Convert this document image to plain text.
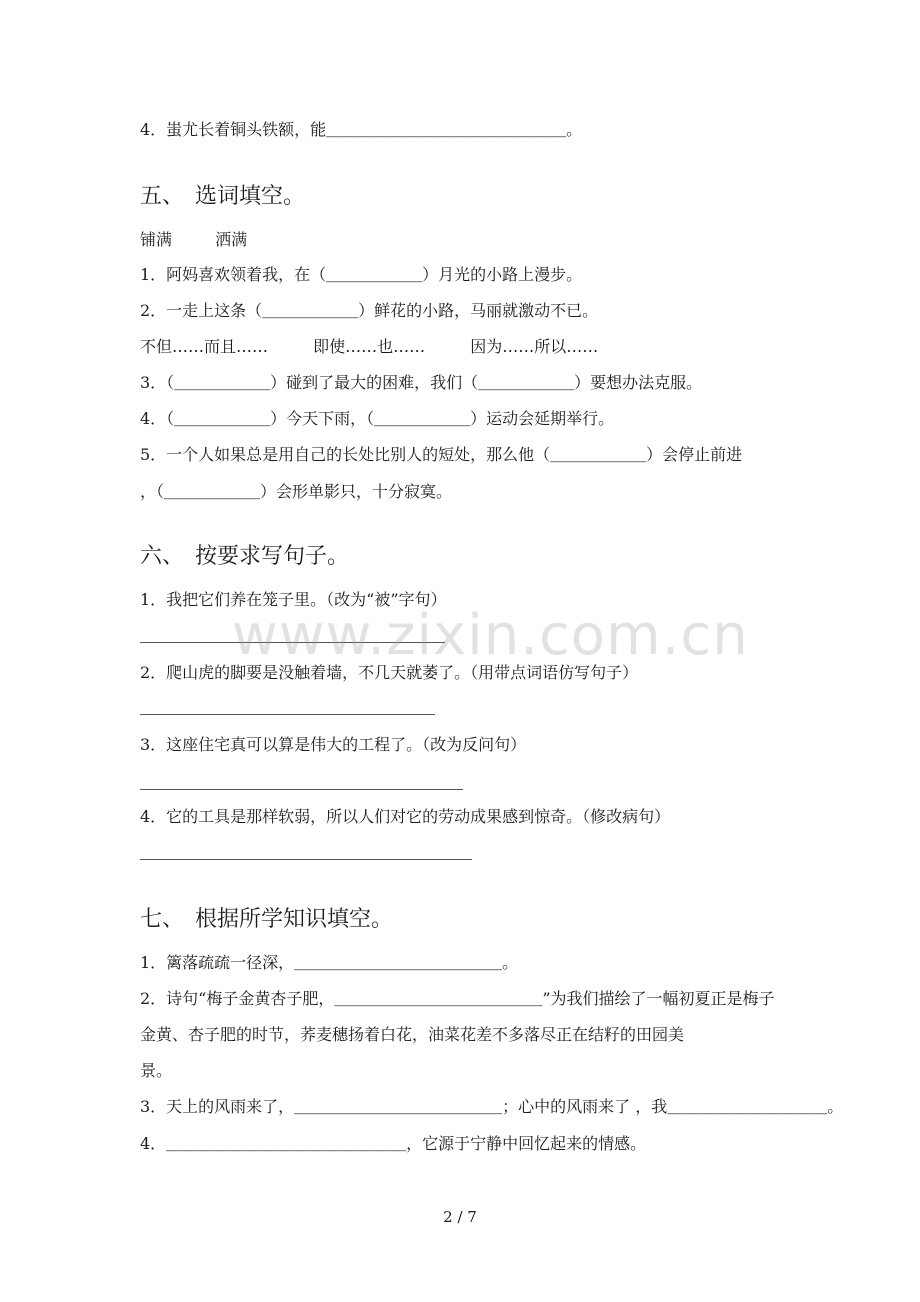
4．蚩尤长着铜头铁额，能＿＿＿＿＿＿＿＿＿＿＿＿＿＿＿。
五、　选词填空。
铺满	洒满
1．阿妈喜欢领着我，在（＿＿＿＿＿＿）月光的小路上漫步。
2．一走上这条（＿＿＿＿＿＿）鲜花的小路，马丽就激动不已。
不但……而且……	即使……也……	因为……所以……
3．（＿＿＿＿＿＿）碰到了最大的困难，我们（＿＿＿＿＿＿）要想办法克服。
4．（＿＿＿＿＿＿）今天下雨，（＿＿＿＿＿＿）运动会延期举行。
5．一个人如果总是用自己的长处比别人的短处，那么他（＿＿＿＿＿＿）会停止前进
，（＿＿＿＿＿＿）会形单影只，十分寂寞。
六、　按要求写句子。
1．我把它们养在笼子里。（改为“被”字句）
2．爬山虎的脚要是没触着墙，不几天就萎了。（用带点词语仿写句子）
3．这座住宅真可以算是伟大的工程了。（改为反问句）
4．它的工具是那样软弱，所以人们对它的劳动成果感到惊奇。（修改病句）
七、　根据所学知识填空。
1．篱落疏疏一径深，＿＿＿＿＿＿＿＿＿＿＿＿＿。
2．诗句“梅子金黄杏子肥，＿＿＿＿＿＿＿＿＿＿＿＿＿”为我们描绘了一幅初夏正是梅子
金黄、杏子肥的时节，荞麦穗扬着白花，油菜花差不多落尽正在结籽的田园美
景。
3．天上的风雨来了，＿＿＿＿＿＿＿＿＿＿＿＿＿；心中的风雨来了 ，我＿＿＿＿＿＿＿＿＿＿。
4．＿＿＿＿＿＿＿＿＿＿＿＿＿＿＿，它源于宁静中回忆起来的情感。
www.zixin.com.cn
2 / 7
